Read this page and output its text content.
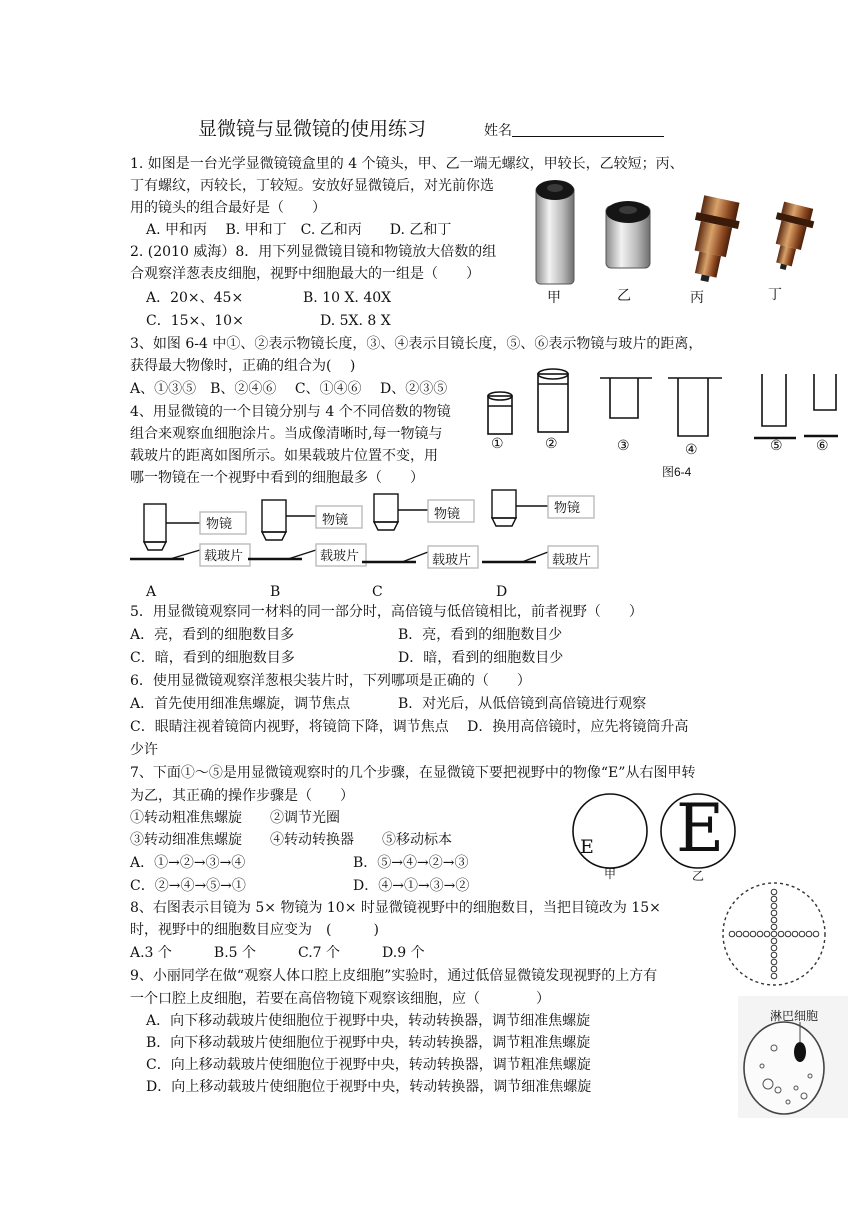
显微镜与显微镜的使用练习	姓名
1. 如图是一台光学显微镜镜盒里的 4 个镜头，甲、乙一端无螺纹，甲较长，乙较短；丙、
丁有螺纹，丙较长，丁较短。安放好显微镜后，对光前你选
用的镜头的组合最好是（　　）
A. 甲和丙　 B. 甲和丁　C. 乙和丙　　D. 乙和丁
甲	乙	丙	丁
2. (2010 威海）8．用下列显微镜目镜和物镜放大倍数的组
合观察洋葱表皮细胞，视野中细胞最大的一组是（　　）
A．20×、45×	B. 10 X. 40X
C．15×、10×	D. 5X. 8 X
3、如图 6-4 中①、②表示物镜长度，③、④表示目镜长度，⑤、⑥表示物镜与玻片的距离，
获得最大物像时，正确的组合为(　 )
A、①③⑤　B、②④⑥　 C、①④⑥　 D、②③⑤
①	②	③	④	⑤ ⑥
图6-4
4、用显微镜的一个目镜分别与 4 个不同倍数的物镜
组合来观察血细胞涂片。当成像清晰时,每一物镜与
载玻片的距离如图所示。如果载玻片位置不变，用
哪一物镜在一个视野中看到的细胞最多（　　）
物镜	物镜	物镜	物镜
载玻片	载玻片	载玻片	载玻片
A	B	C	D
5．用显微镜观察同一材料的同一部分时，高倍镜与低倍镜相比，前者视野（　　）
A．亮，看到的细胞数目多	B．亮，看到的细胞数目少
C．暗，看到的细胞数目多	D．暗，看到的细胞数目少
6．使用显微镜观察洋葱根尖装片时，下列哪项是正确的（　　）
A．首先使用细准焦螺旋，调节焦点	B．对光后，从低倍镜到高倍镜进行观察
C．眼睛注视着镜筒内视野，将镜筒下降，调节焦点　 D．换用高倍镜时，应先将镜筒升高
少许
7、下面①～⑤是用显微镜观察时的几个步骤，在显微镜下要把视野中的物像“E”从右图甲转
为乙，其正确的操作步骤是（　　）
①转动粗准焦螺旋　　②调节光圈
③转动细准焦螺旋　　④转动转换器　　⑤移动标本
A．①→②→③→④	B．⑤→④→②→③
C．②→④→⑤→①	D．④→①→③→②
E E
甲	乙
8、右图表示目镜为 5× 物镜为 10× 时显微镜视野中的细胞数目，当把目镜改为 15×
时，视野中的细胞数目应变为　(　　　)
A.3 个　　　B.5 个　　　C.7 个　　　D.9 个
9、小丽同学在做“观察人体口腔上皮细胞”实验时，通过低倍显微镜发现视野的上方有
一个口腔上皮细胞，若要在高倍物镜下观察该细胞，应（　　　　）
A．向下移动载玻片使细胞位于视野中央，转动转换器，调节细准焦螺旋
B．向下移动载玻片使细胞位于视野中央，转动转换器，调节粗准焦螺旋
C．向上移动载玻片使细胞位于视野中央，转动转换器，调节粗准焦螺旋
D．向上移动载玻片使细胞位于视野中央，转动转换器，调节细准焦螺旋
淋巴细胞
